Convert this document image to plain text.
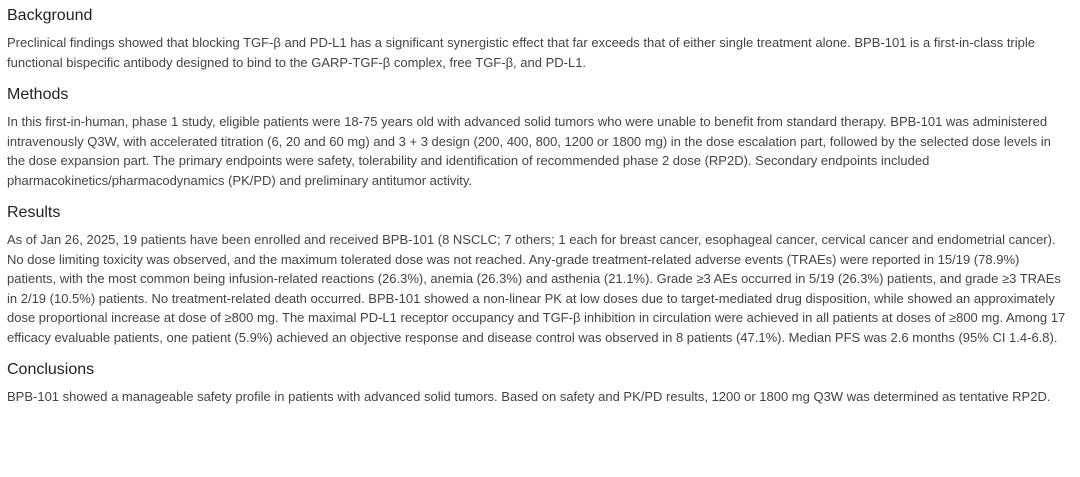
Background

Preclinical findings showed that blocking TGF-β and PD-L1 has a significant synergistic effect that far exceeds that of either single treatment alone. BPB-101 is a first-in-class triple functional bispecific antibody designed to bind to the GARP-TGF-β complex, free TGF-β, and PD-L1.

Methods

In this first-in-human, phase 1 study, eligible patients were 18-75 years old with advanced solid tumors who were unable to benefit from standard therapy. BPB-101 was administered intravenously Q3W, with accelerated titration (6, 20 and 60 mg) and 3 + 3 design (200, 400, 800, 1200 or 1800 mg) in the dose escalation part, followed by the selected dose levels in the dose expansion part. The primary endpoints were safety, tolerability and identification of recommended phase 2 dose (RP2D). Secondary endpoints included pharmacokinetics/pharmacodynamics (PK/PD) and preliminary antitumor activity.

Results

As of Jan 26, 2025, 19 patients have been enrolled and received BPB-101 (8 NSCLC; 7 others; 1 each for breast cancer, esophageal cancer, cervical cancer and endometrial cancer). No dose limiting toxicity was observed, and the maximum tolerated dose was not reached. Any-grade treatment-related adverse events (TRAEs) were reported in 15/19 (78.9%) patients, with the most common being infusion-related reactions (26.3%), anemia (26.3%) and asthenia (21.1%). Grade ≥3 AEs occurred in 5/19 (26.3%) patients, and grade ≥3 TRAEs in 2/19 (10.5%) patients. No treatment-related death occurred. BPB-101 showed a non-linear PK at low doses due to target-mediated drug disposition, while showed an approximately dose proportional increase at dose of ≥800 mg. The maximal PD-L1 receptor occupancy and TGF-β inhibition in circulation were achieved in all patients at doses of ≥800 mg. Among 17 efficacy evaluable patients, one patient (5.9%) achieved an objective response and disease control was observed in 8 patients (47.1%). Median PFS was 2.6 months (95% CI 1.4-6.8).

Conclusions

BPB-101 showed a manageable safety profile in patients with advanced solid tumors. Based on safety and PK/PD results, 1200 or 1800 mg Q3W was determined as tentative RP2D.
